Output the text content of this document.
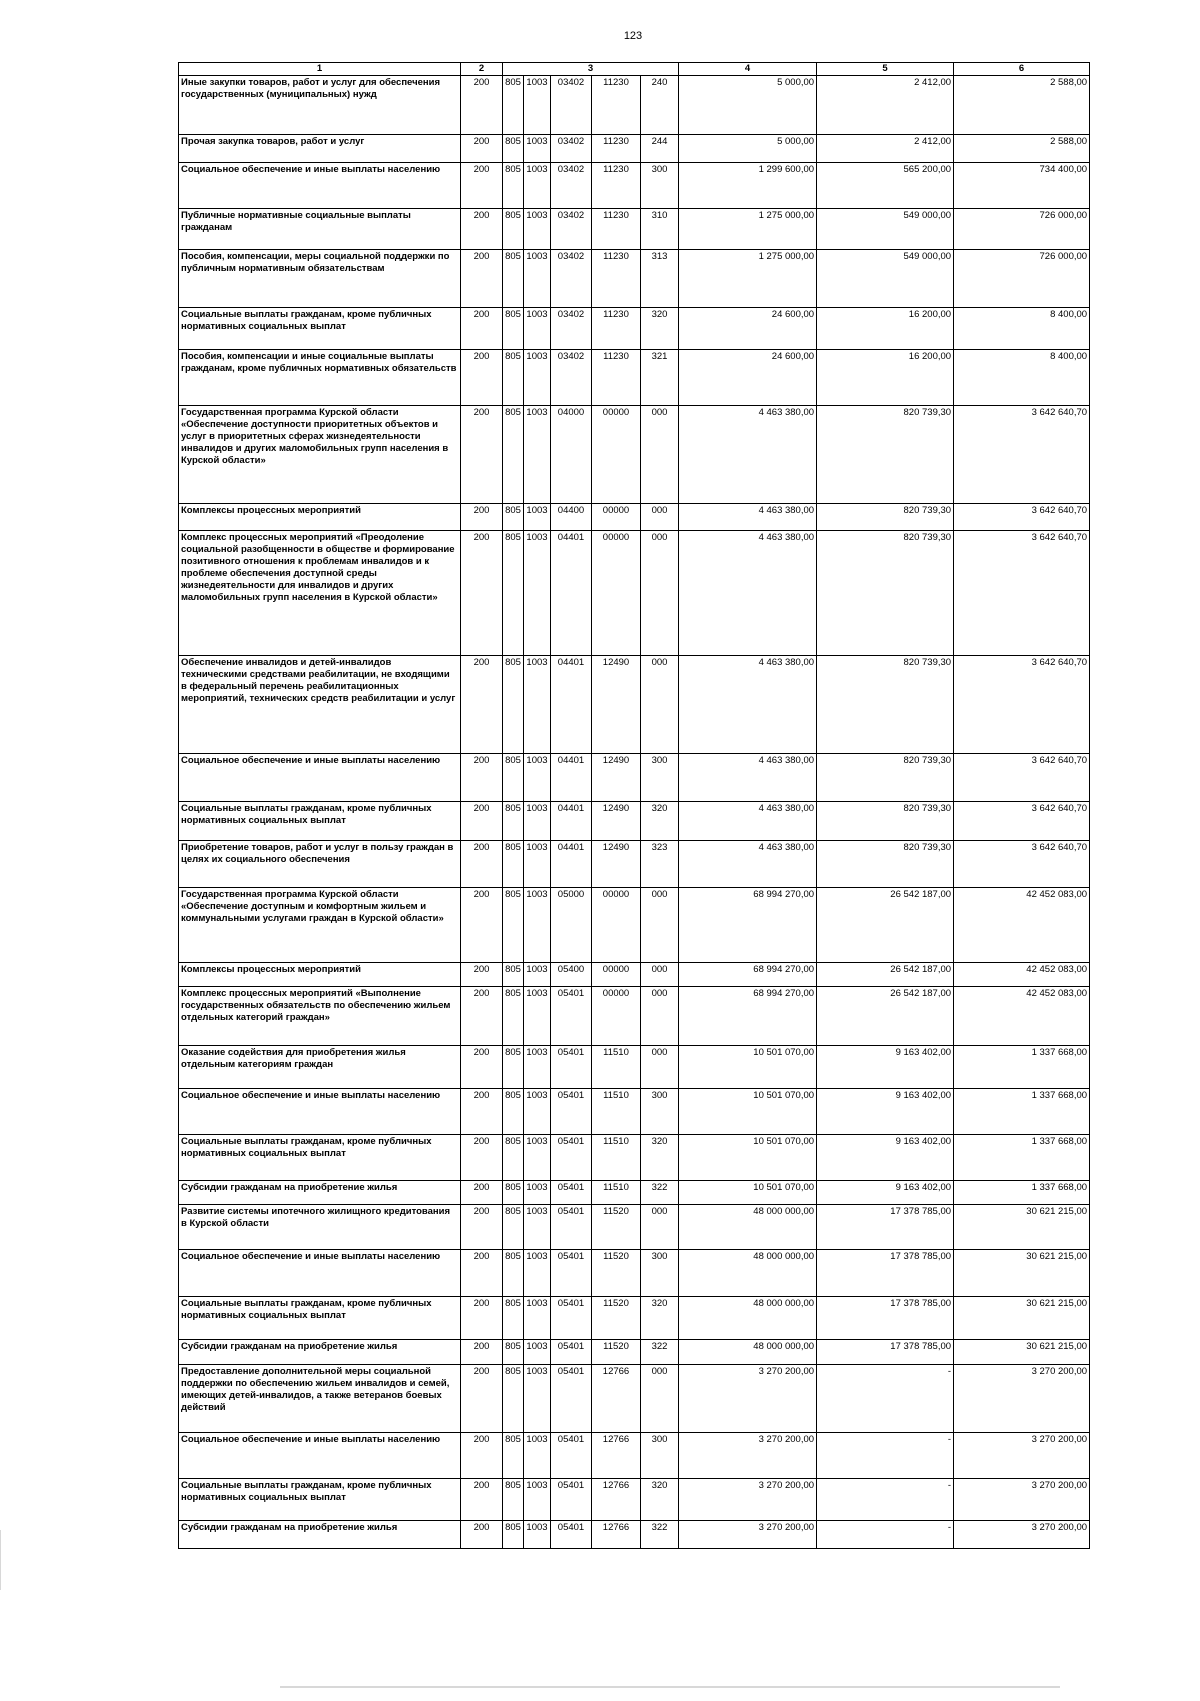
123
1	2	3					4	5	6
Иные закупки товаров, работ и услуг для обеспечения государственных (муниципальных) нужд	200	805	1003	03402	11230	240	5 000,00	2 412,00	2 588,00
Прочая закупка товаров, работ и услуг	200	805	1003	03402	11230	244	5 000,00	2 412,00	2 588,00
Социальное обеспечение и иные выплаты населению	200	805	1003	03402	11230	300	1 299 600,00	565 200,00	734 400,00
Публичные нормативные социальные выплаты гражданам	200	805	1003	03402	11230	310	1 275 000,00	549 000,00	726 000,00
Пособия, компенсации, меры социальной поддержки по публичным нормативным обязательствам	200	805	1003	03402	11230	313	1 275 000,00	549 000,00	726 000,00
Социальные выплаты гражданам, кроме публичных нормативных социальных выплат	200	805	1003	03402	11230	320	24 600,00	16 200,00	8 400,00
Пособия, компенсации и иные социальные выплаты гражданам, кроме публичных нормативных обязательств	200	805	1003	03402	11230	321	24 600,00	16 200,00	8 400,00
Государственная программа Курской области «Обеспечение доступности приоритетных объектов и услуг в приоритетных сферах жизнедеятельности инвалидов и других маломобильных групп населения в Курской области»	200	805	1003	04000	00000	000	4 463 380,00	820 739,30	3 642 640,70
Комплексы процессных мероприятий	200	805	1003	04400	00000	000	4 463 380,00	820 739,30	3 642 640,70
Комплекс процессных мероприятий «Преодоление социальной разобщенности в обществе и формирование позитивного отношения к проблемам инвалидов и к проблеме обеспечения доступной среды жизнедеятельности для инвалидов и других маломобильных групп населения в Курской области»	200	805	1003	04401	00000	000	4 463 380,00	820 739,30	3 642 640,70
Обеспечение инвалидов и детей-инвалидов техническими средствами реабилитации, не входящими в федеральный перечень реабилитационных мероприятий, технических средств реабилитации и услуг	200	805	1003	04401	12490	000	4 463 380,00	820 739,30	3 642 640,70
Социальное обеспечение и иные выплаты населению	200	805	1003	04401	12490	300	4 463 380,00	820 739,30	3 642 640,70
Социальные выплаты гражданам, кроме публичных нормативных социальных выплат	200	805	1003	04401	12490	320	4 463 380,00	820 739,30	3 642 640,70
Приобретение товаров, работ и услуг в пользу граждан в целях их социального обеспечения	200	805	1003	04401	12490	323	4 463 380,00	820 739,30	3 642 640,70
Государственная программа Курской области «Обеспечение доступным и комфортным жильем и коммунальными услугами граждан в Курской области»	200	805	1003	05000	00000	000	68 994 270,00	26 542 187,00	42 452 083,00
Комплексы процессных мероприятий	200	805	1003	05400	00000	000	68 994 270,00	26 542 187,00	42 452 083,00
Комплекс процессных мероприятий «Выполнение государственных обязательств по обеспечению жильем отдельных категорий граждан»	200	805	1003	05401	00000	000	68 994 270,00	26 542 187,00	42 452 083,00
Оказание содействия для приобретения жилья отдельным категориям граждан	200	805	1003	05401	11510	000	10 501 070,00	9 163 402,00	1 337 668,00
Социальное обеспечение и иные выплаты населению	200	805	1003	05401	11510	300	10 501 070,00	9 163 402,00	1 337 668,00
Социальные выплаты гражданам, кроме публичных нормативных социальных выплат	200	805	1003	05401	11510	320	10 501 070,00	9 163 402,00	1 337 668,00
Субсидии гражданам на приобретение жилья	200	805	1003	05401	11510	322	10 501 070,00	9 163 402,00	1 337 668,00
Развитие системы ипотечного жилищного кредитования в Курской области	200	805	1003	05401	11520	000	48 000 000,00	17 378 785,00	30 621 215,00
Социальное обеспечение и иные выплаты населению	200	805	1003	05401	11520	300	48 000 000,00	17 378 785,00	30 621 215,00
Социальные выплаты гражданам, кроме публичных нормативных социальных выплат	200	805	1003	05401	11520	320	48 000 000,00	17 378 785,00	30 621 215,00
Субсидии гражданам на приобретение жилья	200	805	1003	05401	11520	322	48 000 000,00	17 378 785,00	30 621 215,00
Предоставление дополнительной меры социальной поддержки по обеспечению жильем инвалидов и семей, имеющих детей-инвалидов, а также ветеранов боевых действий	200	805	1003	05401	12766	000	3 270 200,00	-	3 270 200,00
Социальное обеспечение и иные выплаты населению	200	805	1003	05401	12766	300	3 270 200,00	-	3 270 200,00
Социальные выплаты гражданам, кроме публичных нормативных социальных выплат	200	805	1003	05401	12766	320	3 270 200,00	-	3 270 200,00
Субсидии гражданам на приобретение жилья	200	805	1003	05401	12766	322	3 270 200,00	-	3 270 200,00
